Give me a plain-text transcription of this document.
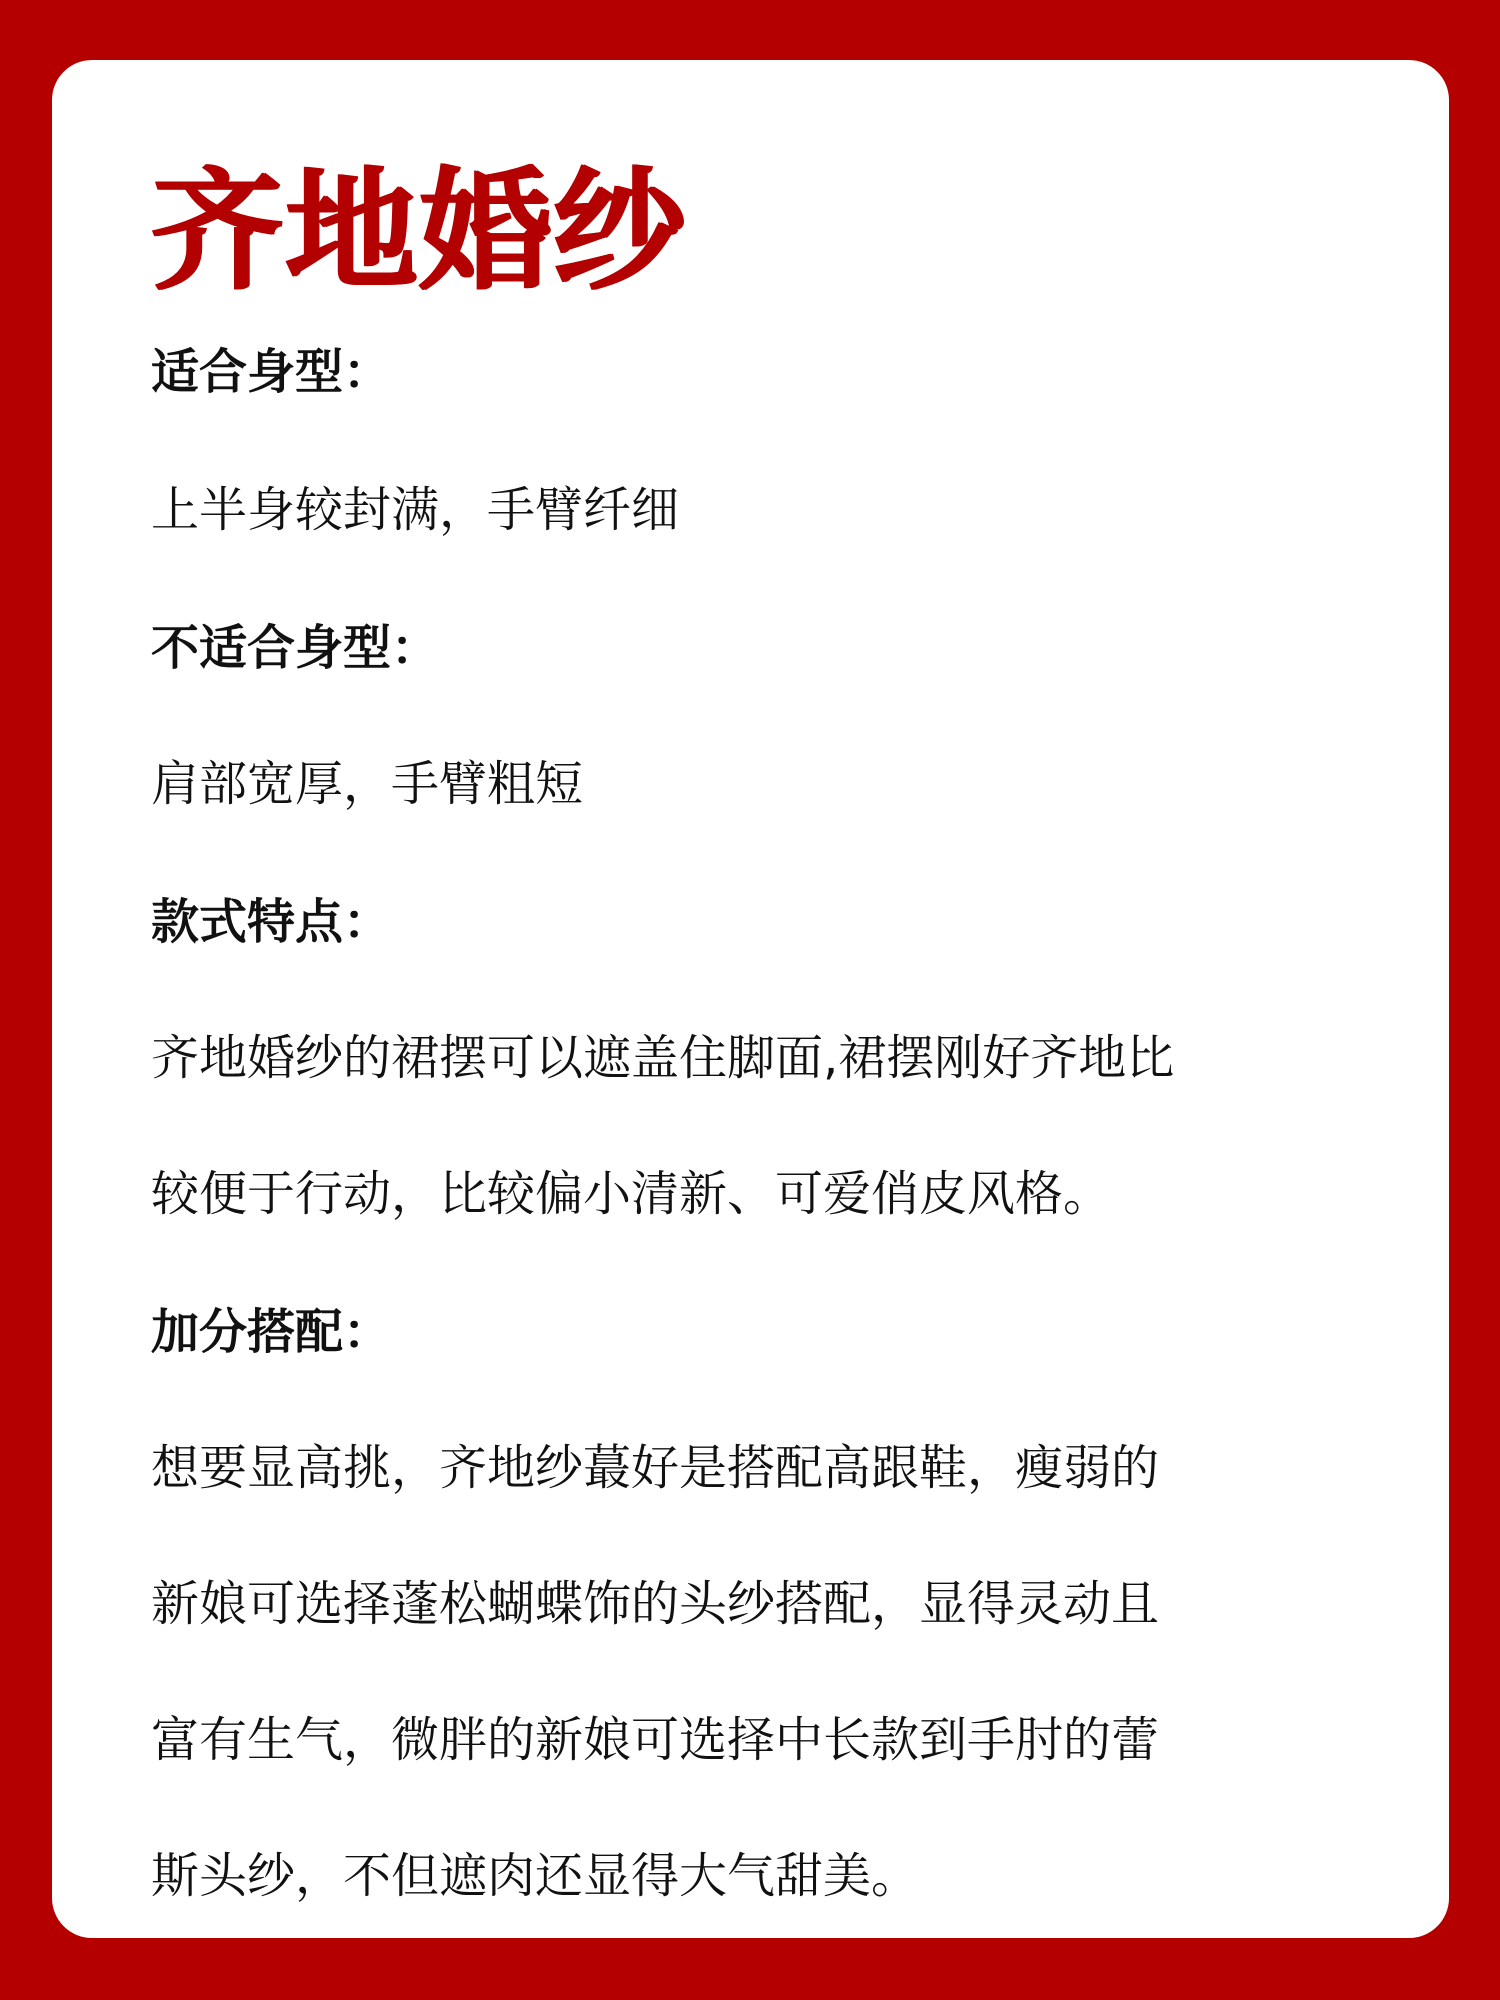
齐地婚纱
适合身型：
上半身较封满，手臂纤细
不适合身型：
肩部宽厚，手臂粗短
款式特点：
齐地婚纱的裙摆可以遮盖住脚面,裙摆刚好齐地比
较便于行动，比较偏小清新、可爱俏皮风格。
加分搭配：
想要显高挑，齐地纱蕞好是搭配高跟鞋，瘦弱的
新娘可选择蓬松蝴蝶饰的头纱搭配，显得灵动且
富有生气，微胖的新娘可选择中长款到手肘的蕾
斯头纱，不但遮肉还显得大气甜美。
